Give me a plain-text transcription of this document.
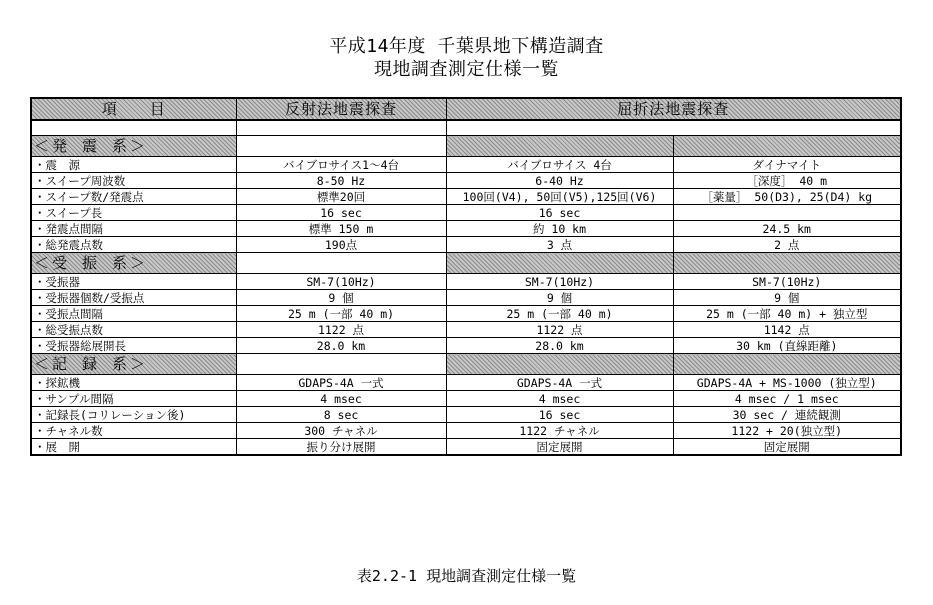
平成14年度 千葉県地下構造調査
現地調査測定仕様一覧
項　　目	反射法地震探査	屈折法地震探査	

＜発 震 系＞			
・震　源	バイブロサイス1～4台	バイブロサイス 4台	ダイナマイト
・スイープ周波数	8-50 Hz	6-40 Hz	［深度］ 40 m
・スイープ数/発震点	標準20回	100回(V4), 50回(V5),125回(V6)	［薬量］ 50(D3), 25(D4) kg
・スイープ長	16 sec	16 sec	
・発震点間隔	標準 150 m	約 10 km	24.5 km
・総発震点数	190点	3 点	2 点
＜受 振 系＞			
・受振器	SM-7(10Hz)	SM-7(10Hz)	SM-7(10Hz)
・受振器個数/受振点	9 個	9 個	9 個
・受振点間隔	25 m (一部 40 m)	25 m (一部 40 m)	25 m (一部 40 m) + 独立型
・総受振点数	1122 点	1122 点	1142 点
・受振器総展開長	28.0 km	28.0 km	30 km (直線距離)
＜記 録 系＞			
・探鉱機	GDAPS-4A 一式	GDAPS-4A 一式	GDAPS-4A + MS-1000 (独立型)
・サンプル間隔	4 msec	4 msec	4 msec / 1 msec
・記録長(コリレーション後)	8 sec	16 sec	30 sec / 連続観測
・チャネル数	300 チャネル	1122 チャネル	1122 + 20(独立型)
・展　開	振り分け展開	固定展開	固定展開
表2.2-1 現地調査測定仕様一覧
